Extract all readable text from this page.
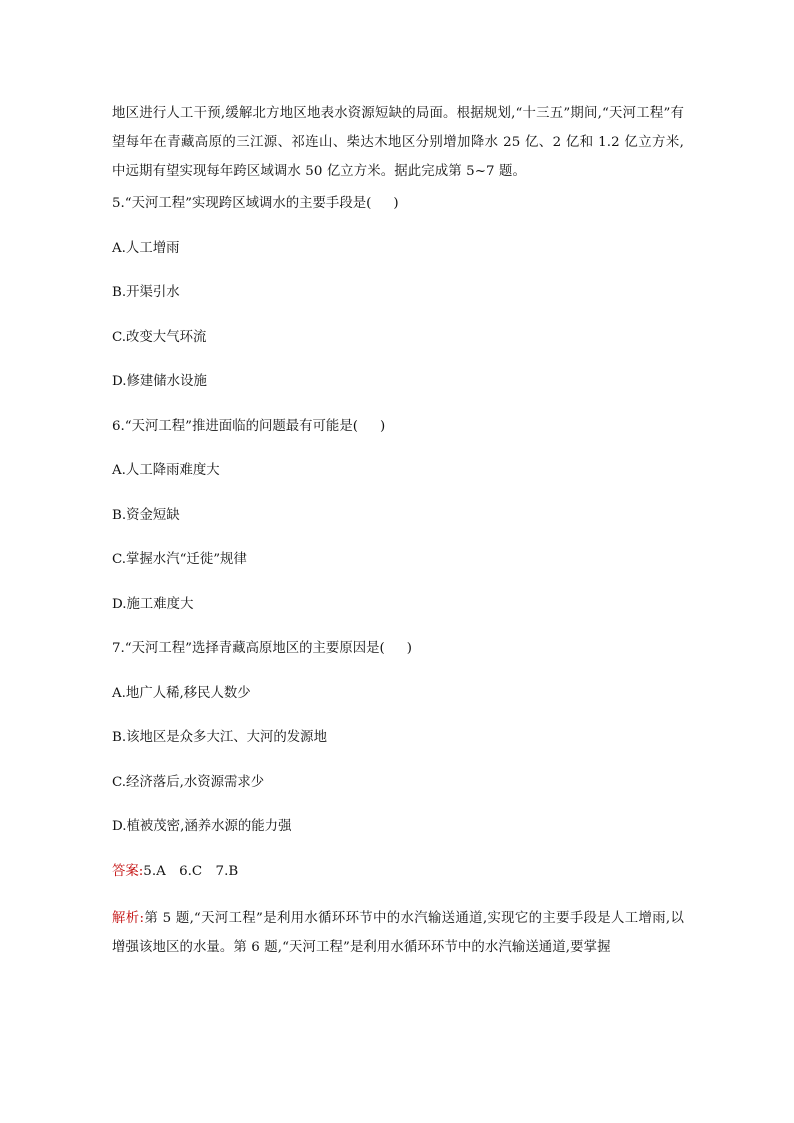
地区进行人工干预,缓解北方地区地表水资源短缺的局面。根据规划,“十三五”期间,“天河工程”有望每年在青藏高原的三江源、祁连山、柴达木地区分别增加降水 25 亿、2 亿和 1.2 亿立方米,中远期有望实现每年跨区域调水 50 亿立方米。据此完成第 5~7 题。

5.“天河工程”实现跨区域调水的主要手段是( )
A.人工增雨
B.开渠引水
C.改变大气环流
D.修建储水设施
6.“天河工程”推进面临的问题最有可能是( )
A.人工降雨难度大
B.资金短缺
C.掌握水汽“迁徙”规律
D.施工难度大
7.“天河工程”选择青藏高原地区的主要原因是( )
A.地广人稀,移民人数少
B.该地区是众多大江、大河的发源地
C.经济落后,水资源需求少
D.植被茂密,涵养水源的能力强
答案:5.A　6.C　7.B

解析:第 5 题,“天河工程”是利用水循环环节中的水汽输送通道,实现它的主要手段是人工增雨,以增强该地区的水量。第 6 题,“天河工程”是利用水循环环节中的水汽输送通道,要掌握
